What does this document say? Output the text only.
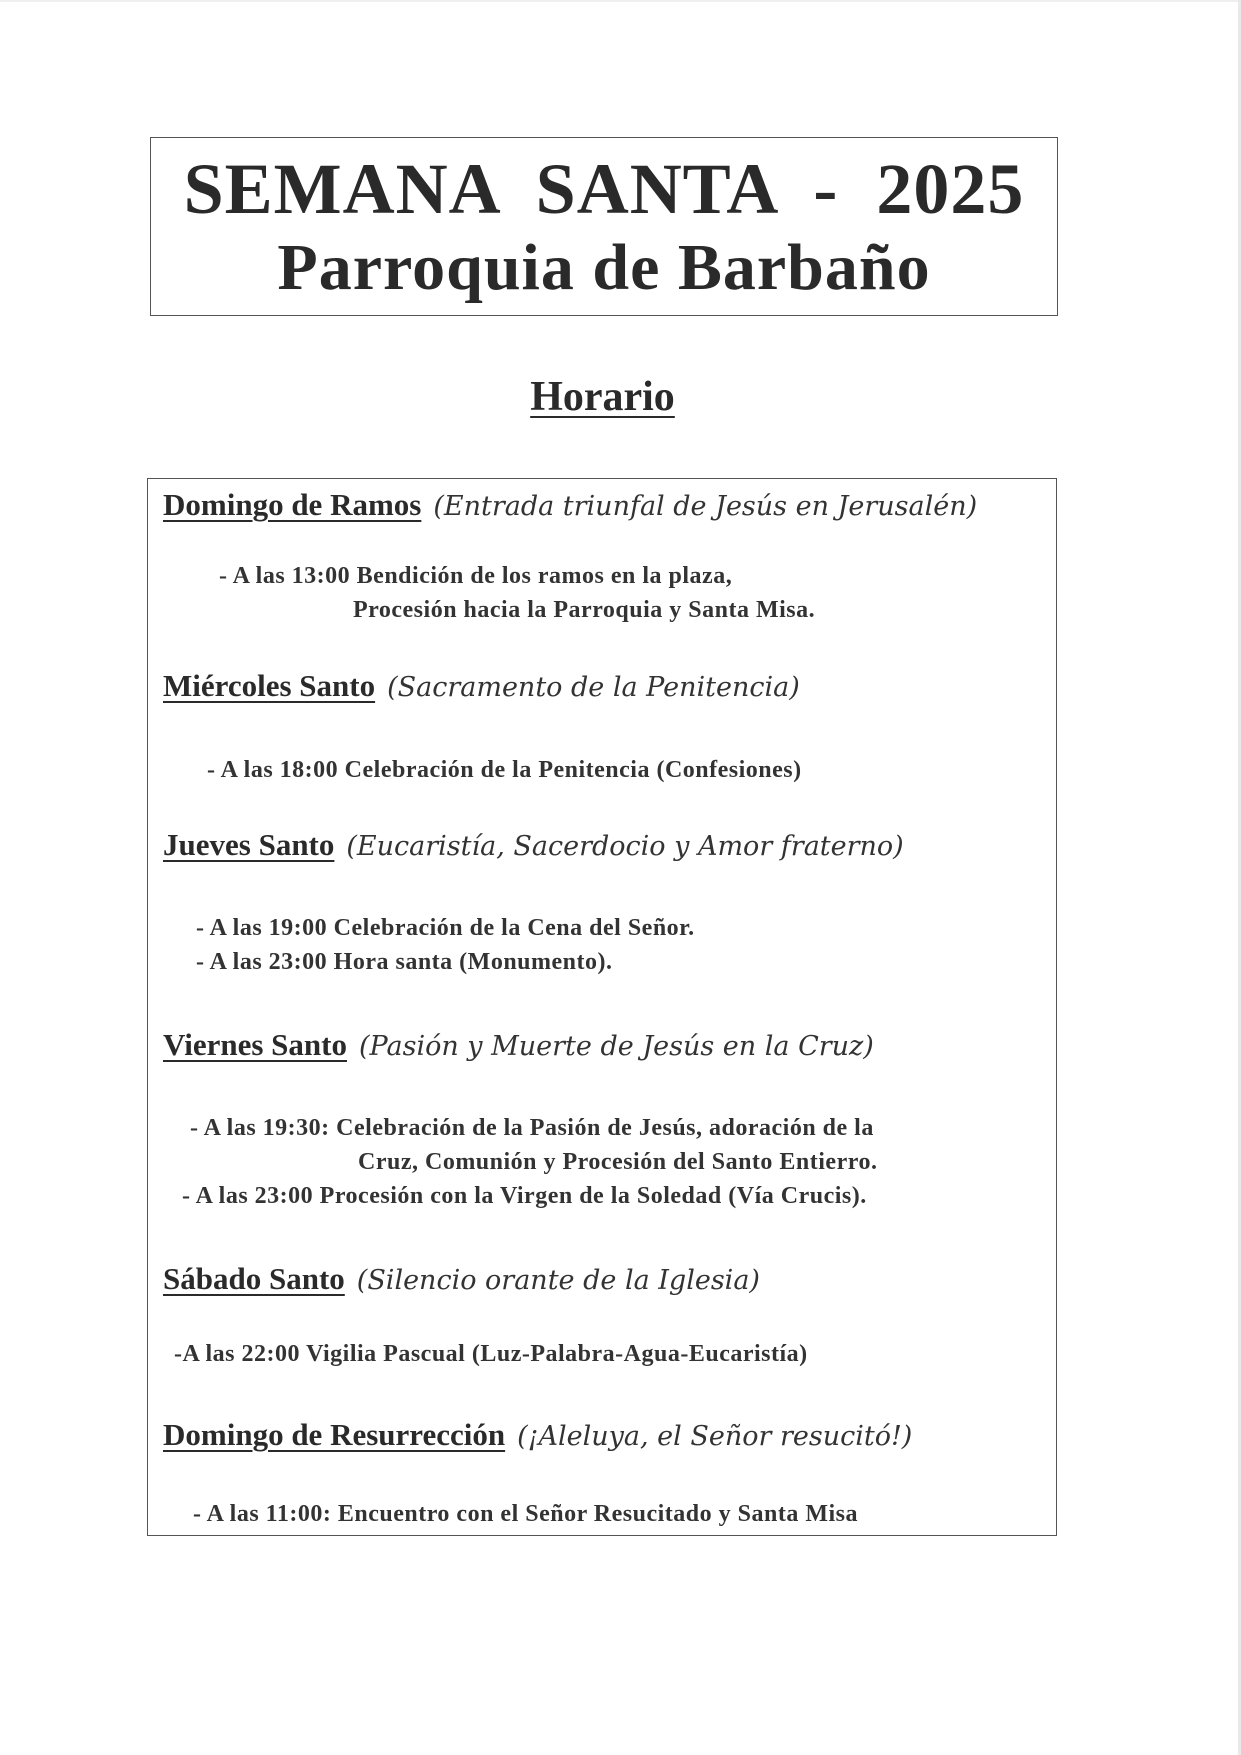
SEMANA  SANTA  -  2025
Parroquia de Barbaño
Horario
Domingo de Ramos (Entrada triunfal de Jesús en Jerusalén)
- A las 13:00 Bendición de los ramos en la plaza,
Procesión hacia la Parroquia y Santa Misa.
Miércoles Santo (Sacramento de la Penitencia)
- A las 18:00 Celebración de la Penitencia (Confesiones)
Jueves Santo (Eucaristía, Sacerdocio y Amor fraterno)
- A las 19:00 Celebración de la Cena del Señor.
- A las 23:00 Hora santa (Monumento).
Viernes Santo (Pasión y Muerte de Jesús en la Cruz)
- A las 19:30: Celebración de la Pasión de Jesús, adoración de la
Cruz, Comunión y Procesión del Santo Entierro.
- A las 23:00 Procesión con la Virgen de la Soledad (Vía Crucis).
Sábado Santo (Silencio orante de la Iglesia)
-A las 22:00 Vigilia Pascual (Luz-Palabra-Agua-Eucaristía)
Domingo de Resurrección (¡Aleluya, el Señor resucitó!)
- A las 11:00: Encuentro con el Señor Resucitado y Santa Misa
